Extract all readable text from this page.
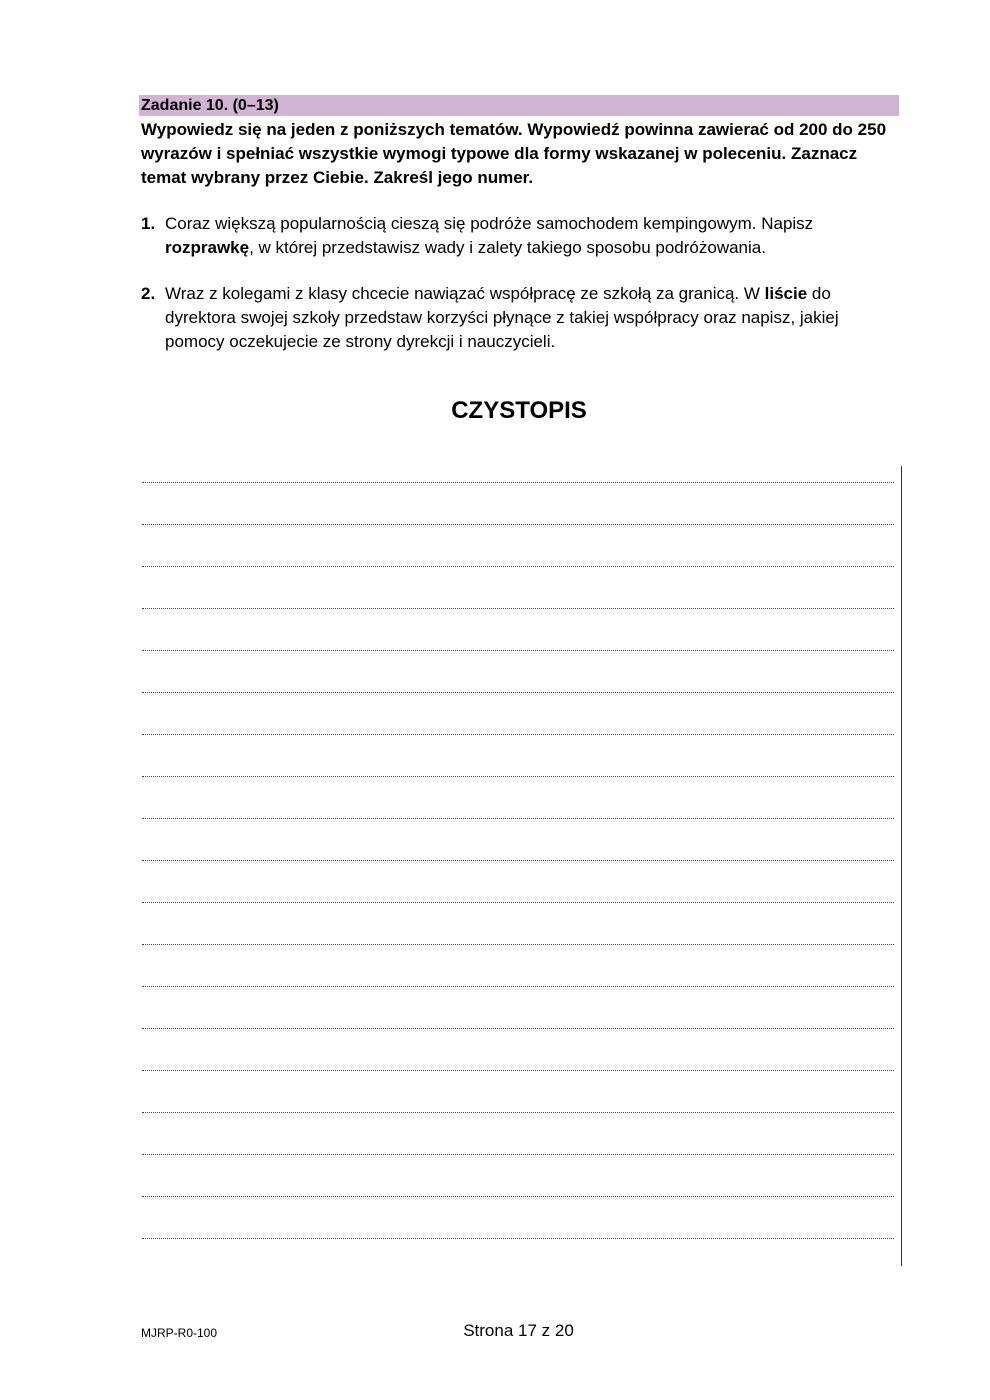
Zadanie 10. (0–13)
Wypowiedz się na jeden z poniższych tematów. Wypowiedź powinna zawierać od 200 do 250 wyrazów i spełniać wszystkie wymogi typowe dla formy wskazanej w poleceniu. Zaznacz temat wybrany przez Ciebie. Zakreśl jego numer.
1. Coraz większą popularnością cieszą się podróże samochodem kempingowym. Napisz rozprawkę, w której przedstawisz wady i zalety takiego sposobu podróżowania.
2. Wraz z kolegami z klasy chcecie nawiązać współpracę ze szkołą za granicą. W liście do dyrektora swojej szkoły przedstaw korzyści płynące z takiej współpracy oraz napisz, jakiej pomocy oczekujecie ze strony dyrekcji i nauczycieli.
CZYSTOPIS
MJRP-R0-100	Strona 17 z 20
